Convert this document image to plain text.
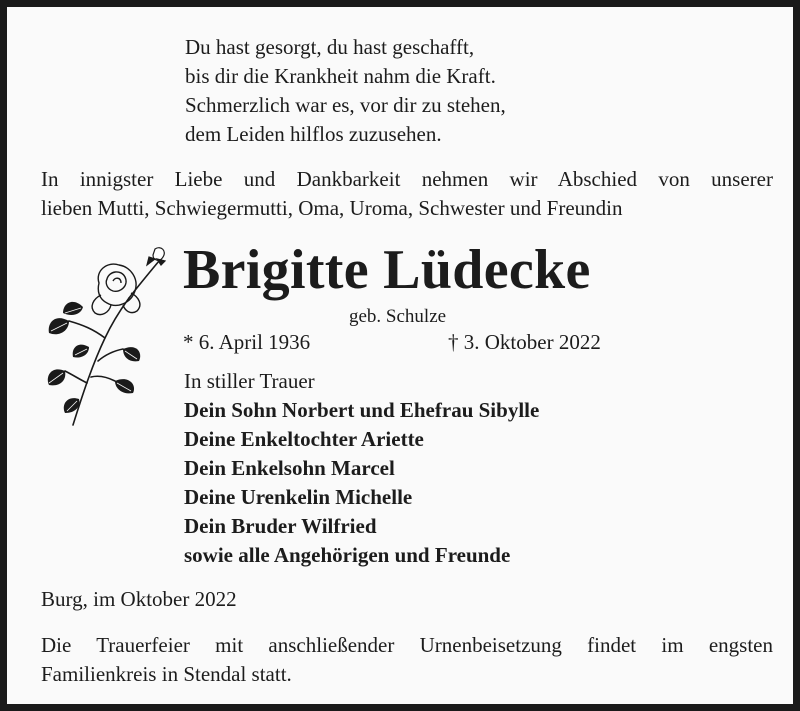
Du hast gesorgt, du hast geschafft,
bis dir die Krankheit nahm die Kraft.
Schmerzlich war es, vor dir zu stehen,
dem Leiden hilflos zuzusehen.
In innigster Liebe und Dankbarkeit nehmen wir Abschied von unserer
lieben Mutti, Schwiegermutti, Oma, Uroma, Schwester und Freundin
Brigitte Lüdecke
geb. Schulze
* 6. April 1936	† 3. Oktober 2022
In stiller Trauer
Dein Sohn Norbert und Ehefrau Sibylle
Deine Enkeltochter Ariette
Dein Enkelsohn Marcel
Deine Urenkelin Michelle
Dein Bruder Wilfried
sowie alle Angehörigen und Freunde
Burg, im Oktober 2022
Die Trauerfeier mit anschließender Urnenbeisetzung findet im engsten
Familienkreis in Stendal statt.
